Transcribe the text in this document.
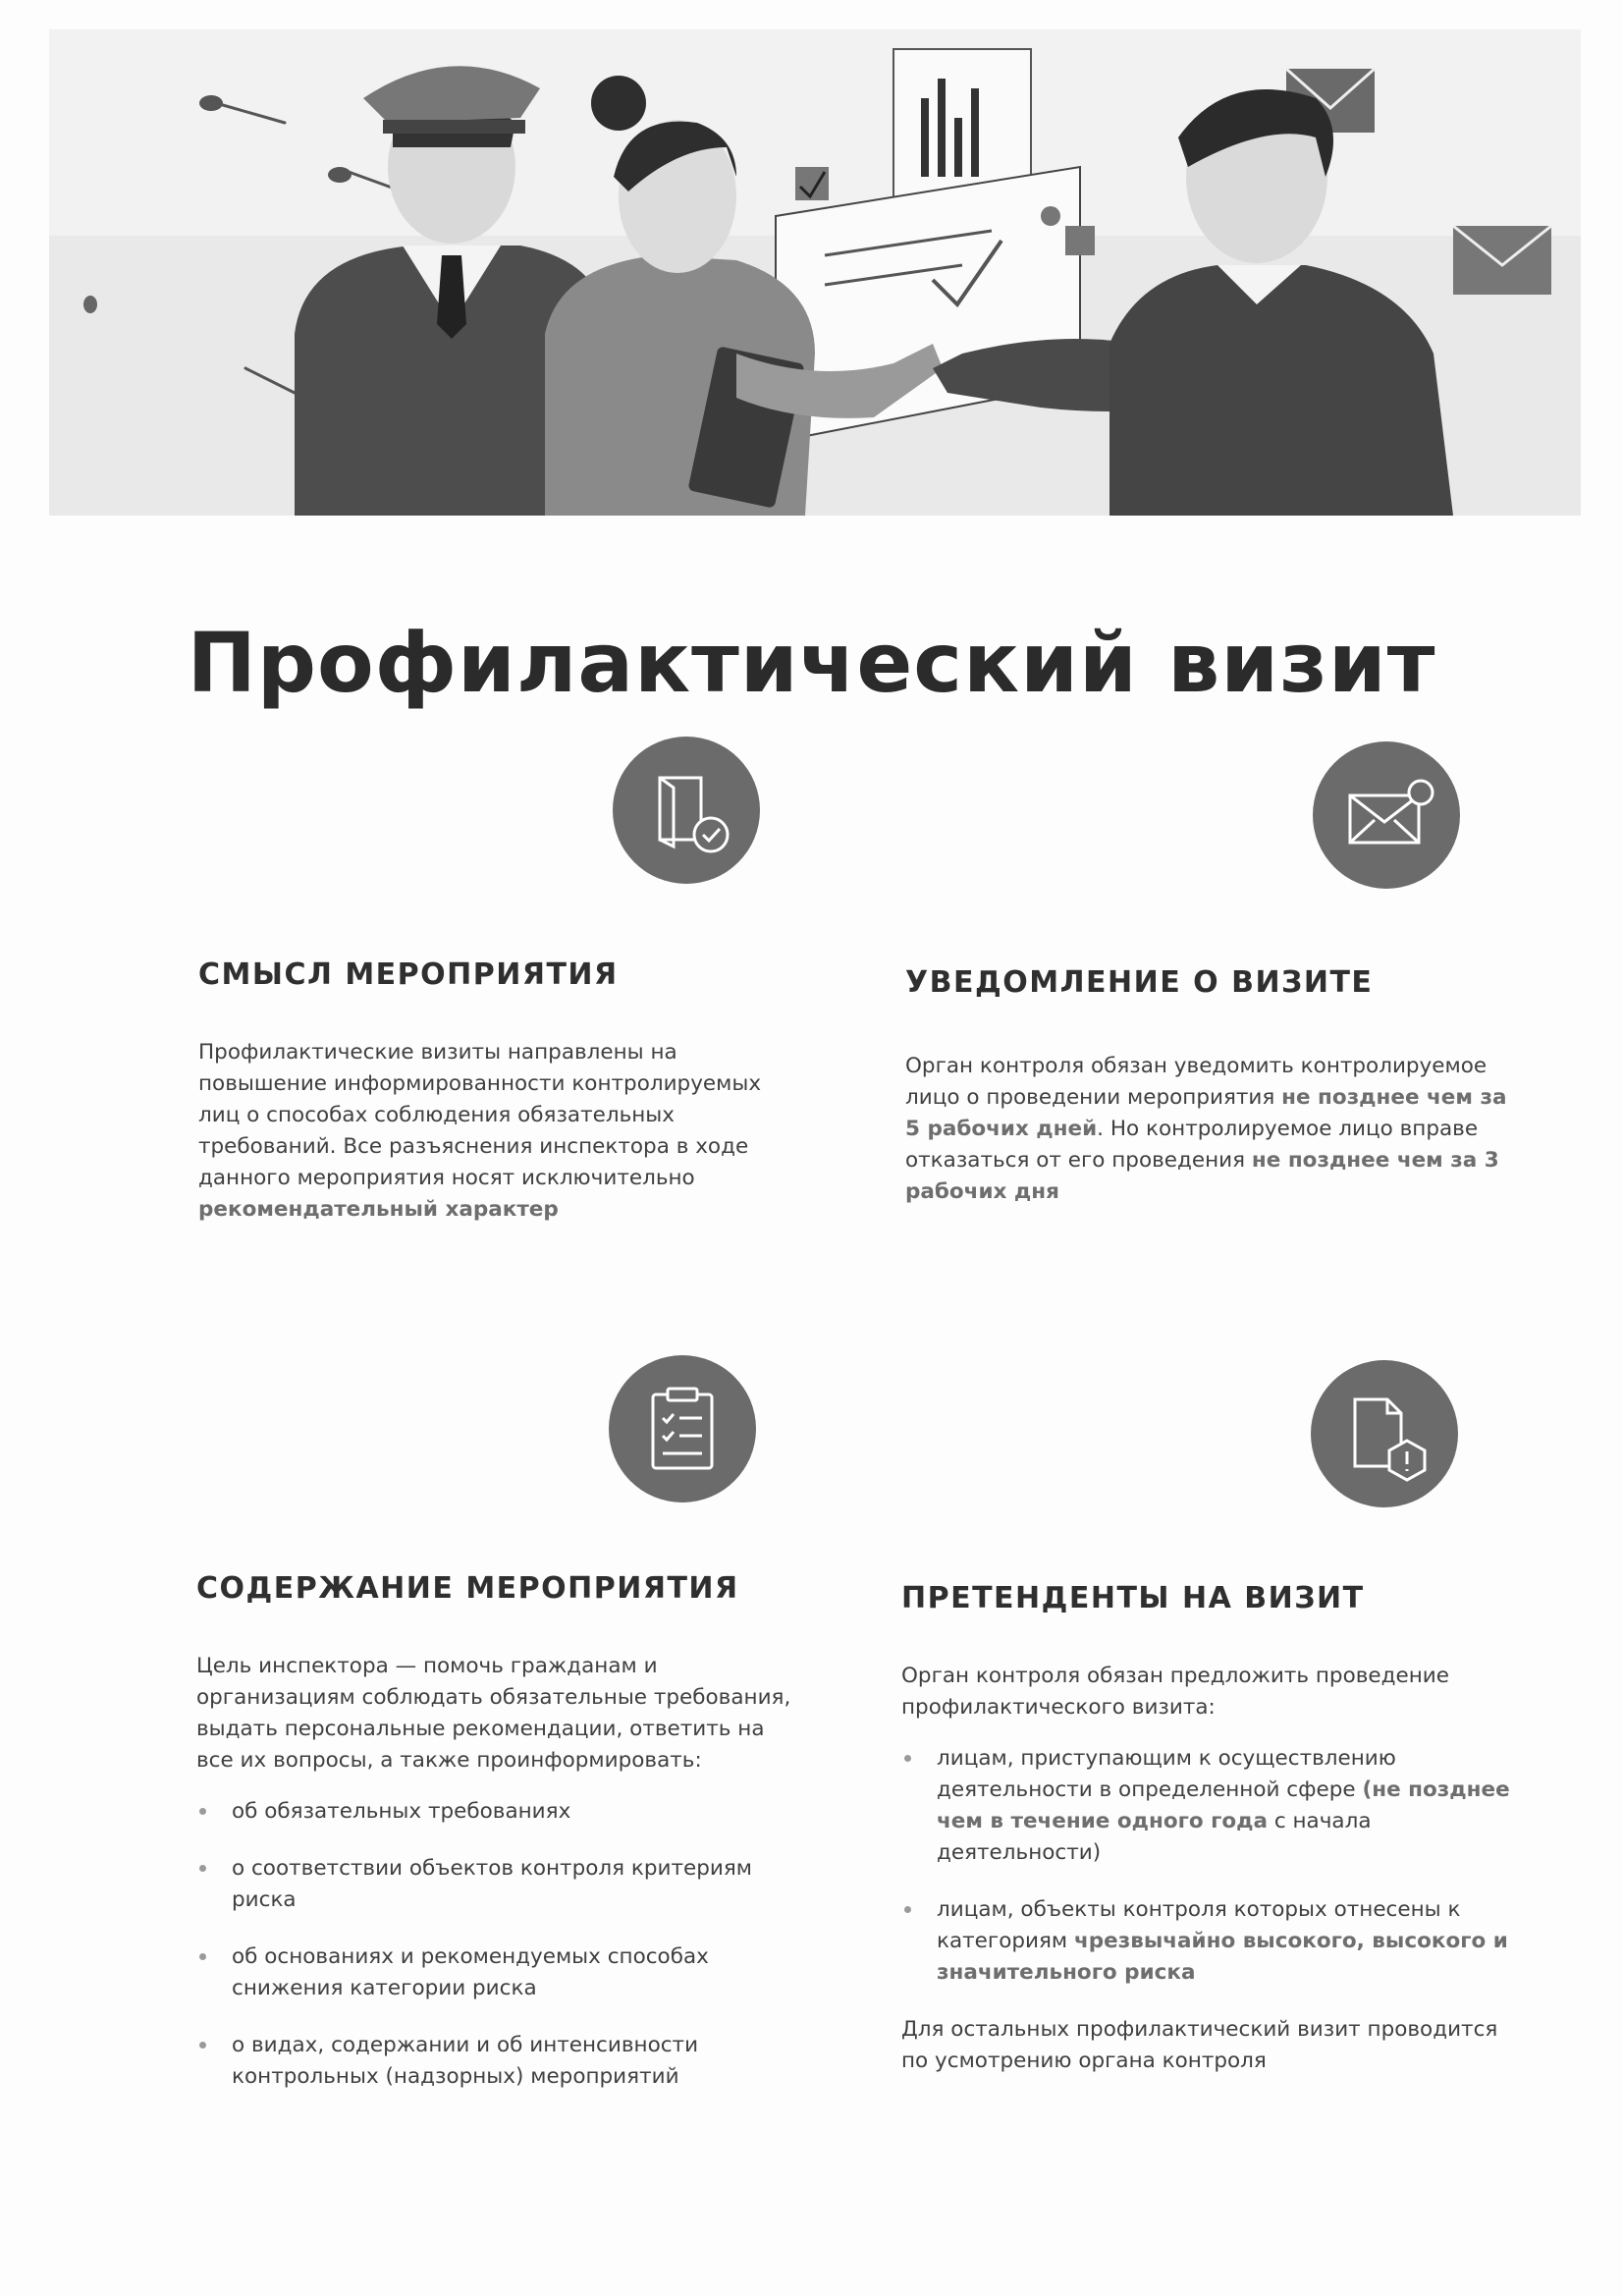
Профилактический визит
СМЫСЛ МЕРОПРИЯТИЯ

Профилактические визиты направлены на повышение информированности контролируемых лиц о способах соблюдения обязательных требований. Все разъяснения инспектора в ходе данного мероприятия носят исключительно рекомендательный характер

УВЕДОМЛЕНИЕ О ВИЗИТЕ

Орган контроля обязан уведомить контролируемое лицо о проведении мероприятия не позднее чем за 5 рабочих дней. Но контролируемое лицо вправе отказаться от его проведения не позднее чем за 3 рабочих дня

СОДЕРЖАНИЕ МЕРОПРИЯТИЯ

Цель инспектора — помочь гражданам и организациям соблюдать обязательные требования, выдать персональные рекомендации, ответить на все их вопросы, а также проинформировать:

об обязательных требованиях
о соответствии объектов контроля критериям риска
об основаниях и рекомендуемых способах снижения категории риска
о видах, содержании и об интенсивности контрольных (надзорных) мероприятий
ПРЕТЕНДЕНТЫ НА ВИЗИТ

Орган контроля обязан предложить проведение профилактического визита:

лицам, приступающим к осуществлению деятельности в определенной сфере (не позднее чем в течение одного года с начала деятельности)
лицам, объекты контроля которых отнесены к категориям чрезвычайно высокого, высокого и значительного риска

Для остальных профилактический визит проводится по усмотрению органа контроля
